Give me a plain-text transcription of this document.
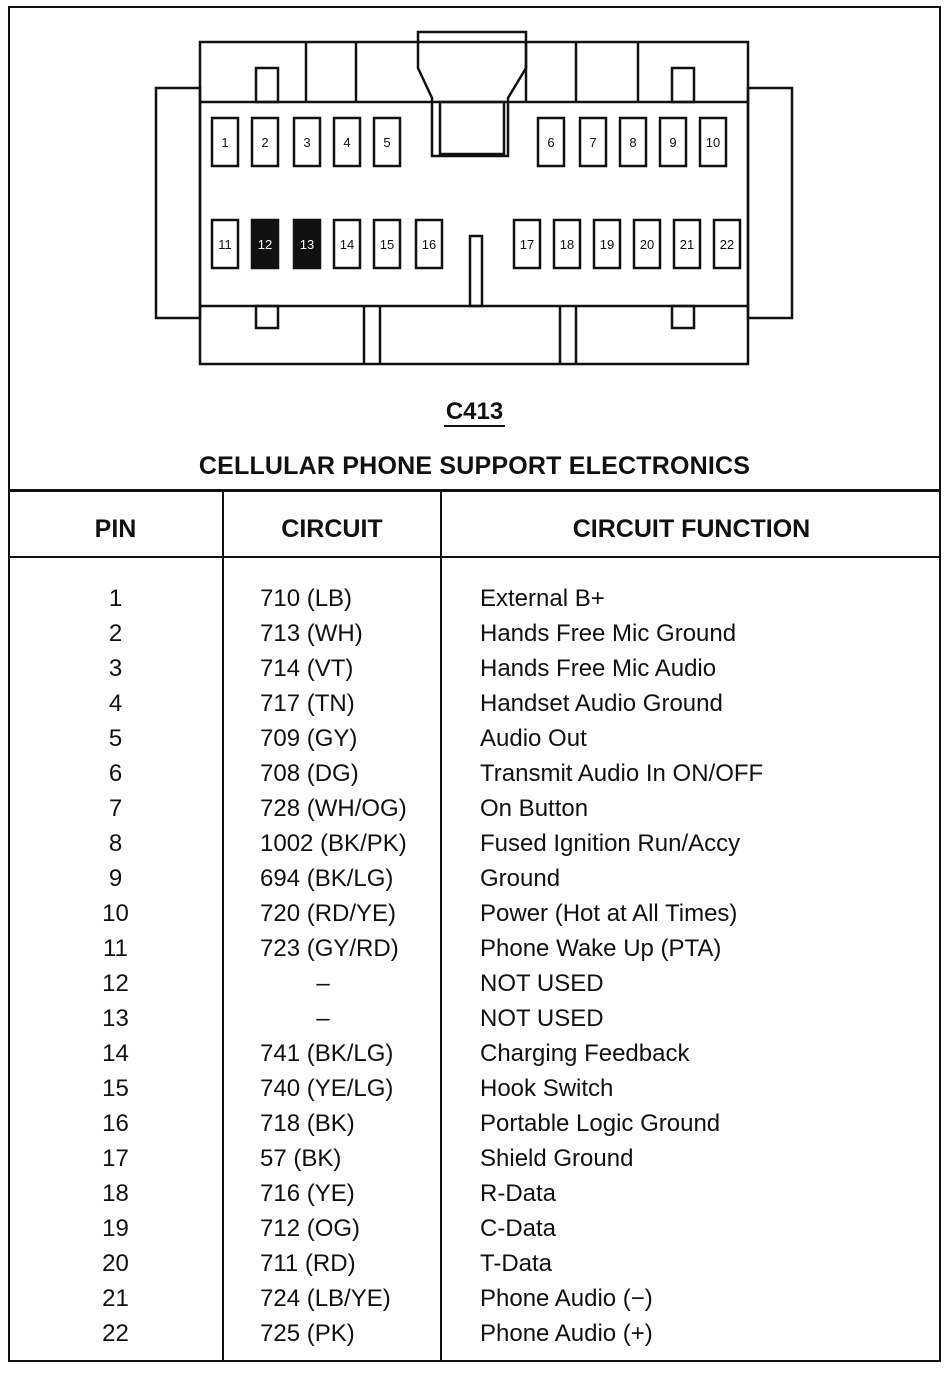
1	2	3	4	5	6	7	8	9 10
11 12 13 14 15 16	17 18 19 20 21 22
C413
CELLULAR PHONE SUPPORT ELECTRONICS
PIN	CIRCUIT	CIRCUIT FUNCTION
1	710 (LB)	External B+
2	713 (WH)	Hands Free Mic Ground
3	714 (VT)	Hands Free Mic Audio
4	717 (TN)	Handset Audio Ground
5	709 (GY)	Audio Out
6	708 (DG)	Transmit Audio In ON/OFF
7	728 (WH/OG)	On Button
8	1002 (BK/PK)	Fused Ignition Run/Accy
9	694 (BK/LG)	Ground
10	720 (RD/YE)	Power (Hot at All Times)
11	723 (GY/RD)	Phone Wake Up (PTA)
12	–	NOT USED
13	–	NOT USED
14	741 (BK/LG)	Charging Feedback
15	740 (YE/LG)	Hook Switch
16	718 (BK)	Portable Logic Ground
17	57 (BK)	Shield Ground
18	716 (YE)	R-Data
19	712 (OG)	C-Data
20	711 (RD)	T-Data
21	724 (LB/YE)	Phone Audio (−)
22	725 (PK)	Phone Audio (+)
